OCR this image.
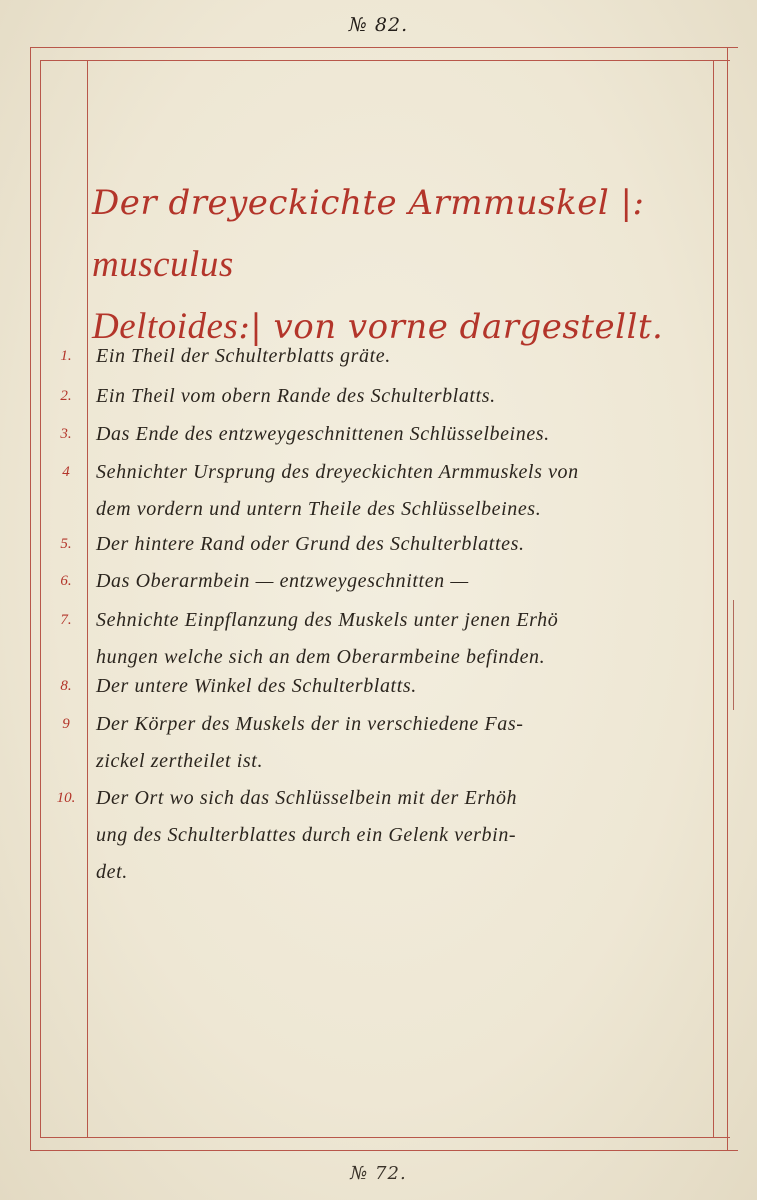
№ 82.
Der dreyeckichte Armmuskel |: musculus
Deltoides:| von vorne dargestellt.
1.	Ein Theil der Schulterblatts gräte.
2.	Ein Theil vom obern Rande des Schulterblatts.
3.	Das Ende des entzweygeschnittenen Schlüsselbeines.
4	Sehnichter Ursprung des dreyeckichten Armmuskels von
dem vordern und untern Theile des Schlüsselbeines.
5.	Der hintere Rand oder Grund des Schulterblattes.
6.	Das Oberarmbein — entzweygeschnitten —
7.	Sehnichte Einpflanzung des Muskels unter jenen Erhö
hungen welche sich an dem Oberarmbeine befinden.
8.	Der untere Winkel des Schulterblatts.
9	Der Körper des Muskels der in verschiedene Fas-
zickel zertheilet ist.
10.	Der Ort wo sich das Schlüsselbein mit der Erhöh
ung des Schulterblattes durch ein Gelenk verbin-
det.
№ 72.
